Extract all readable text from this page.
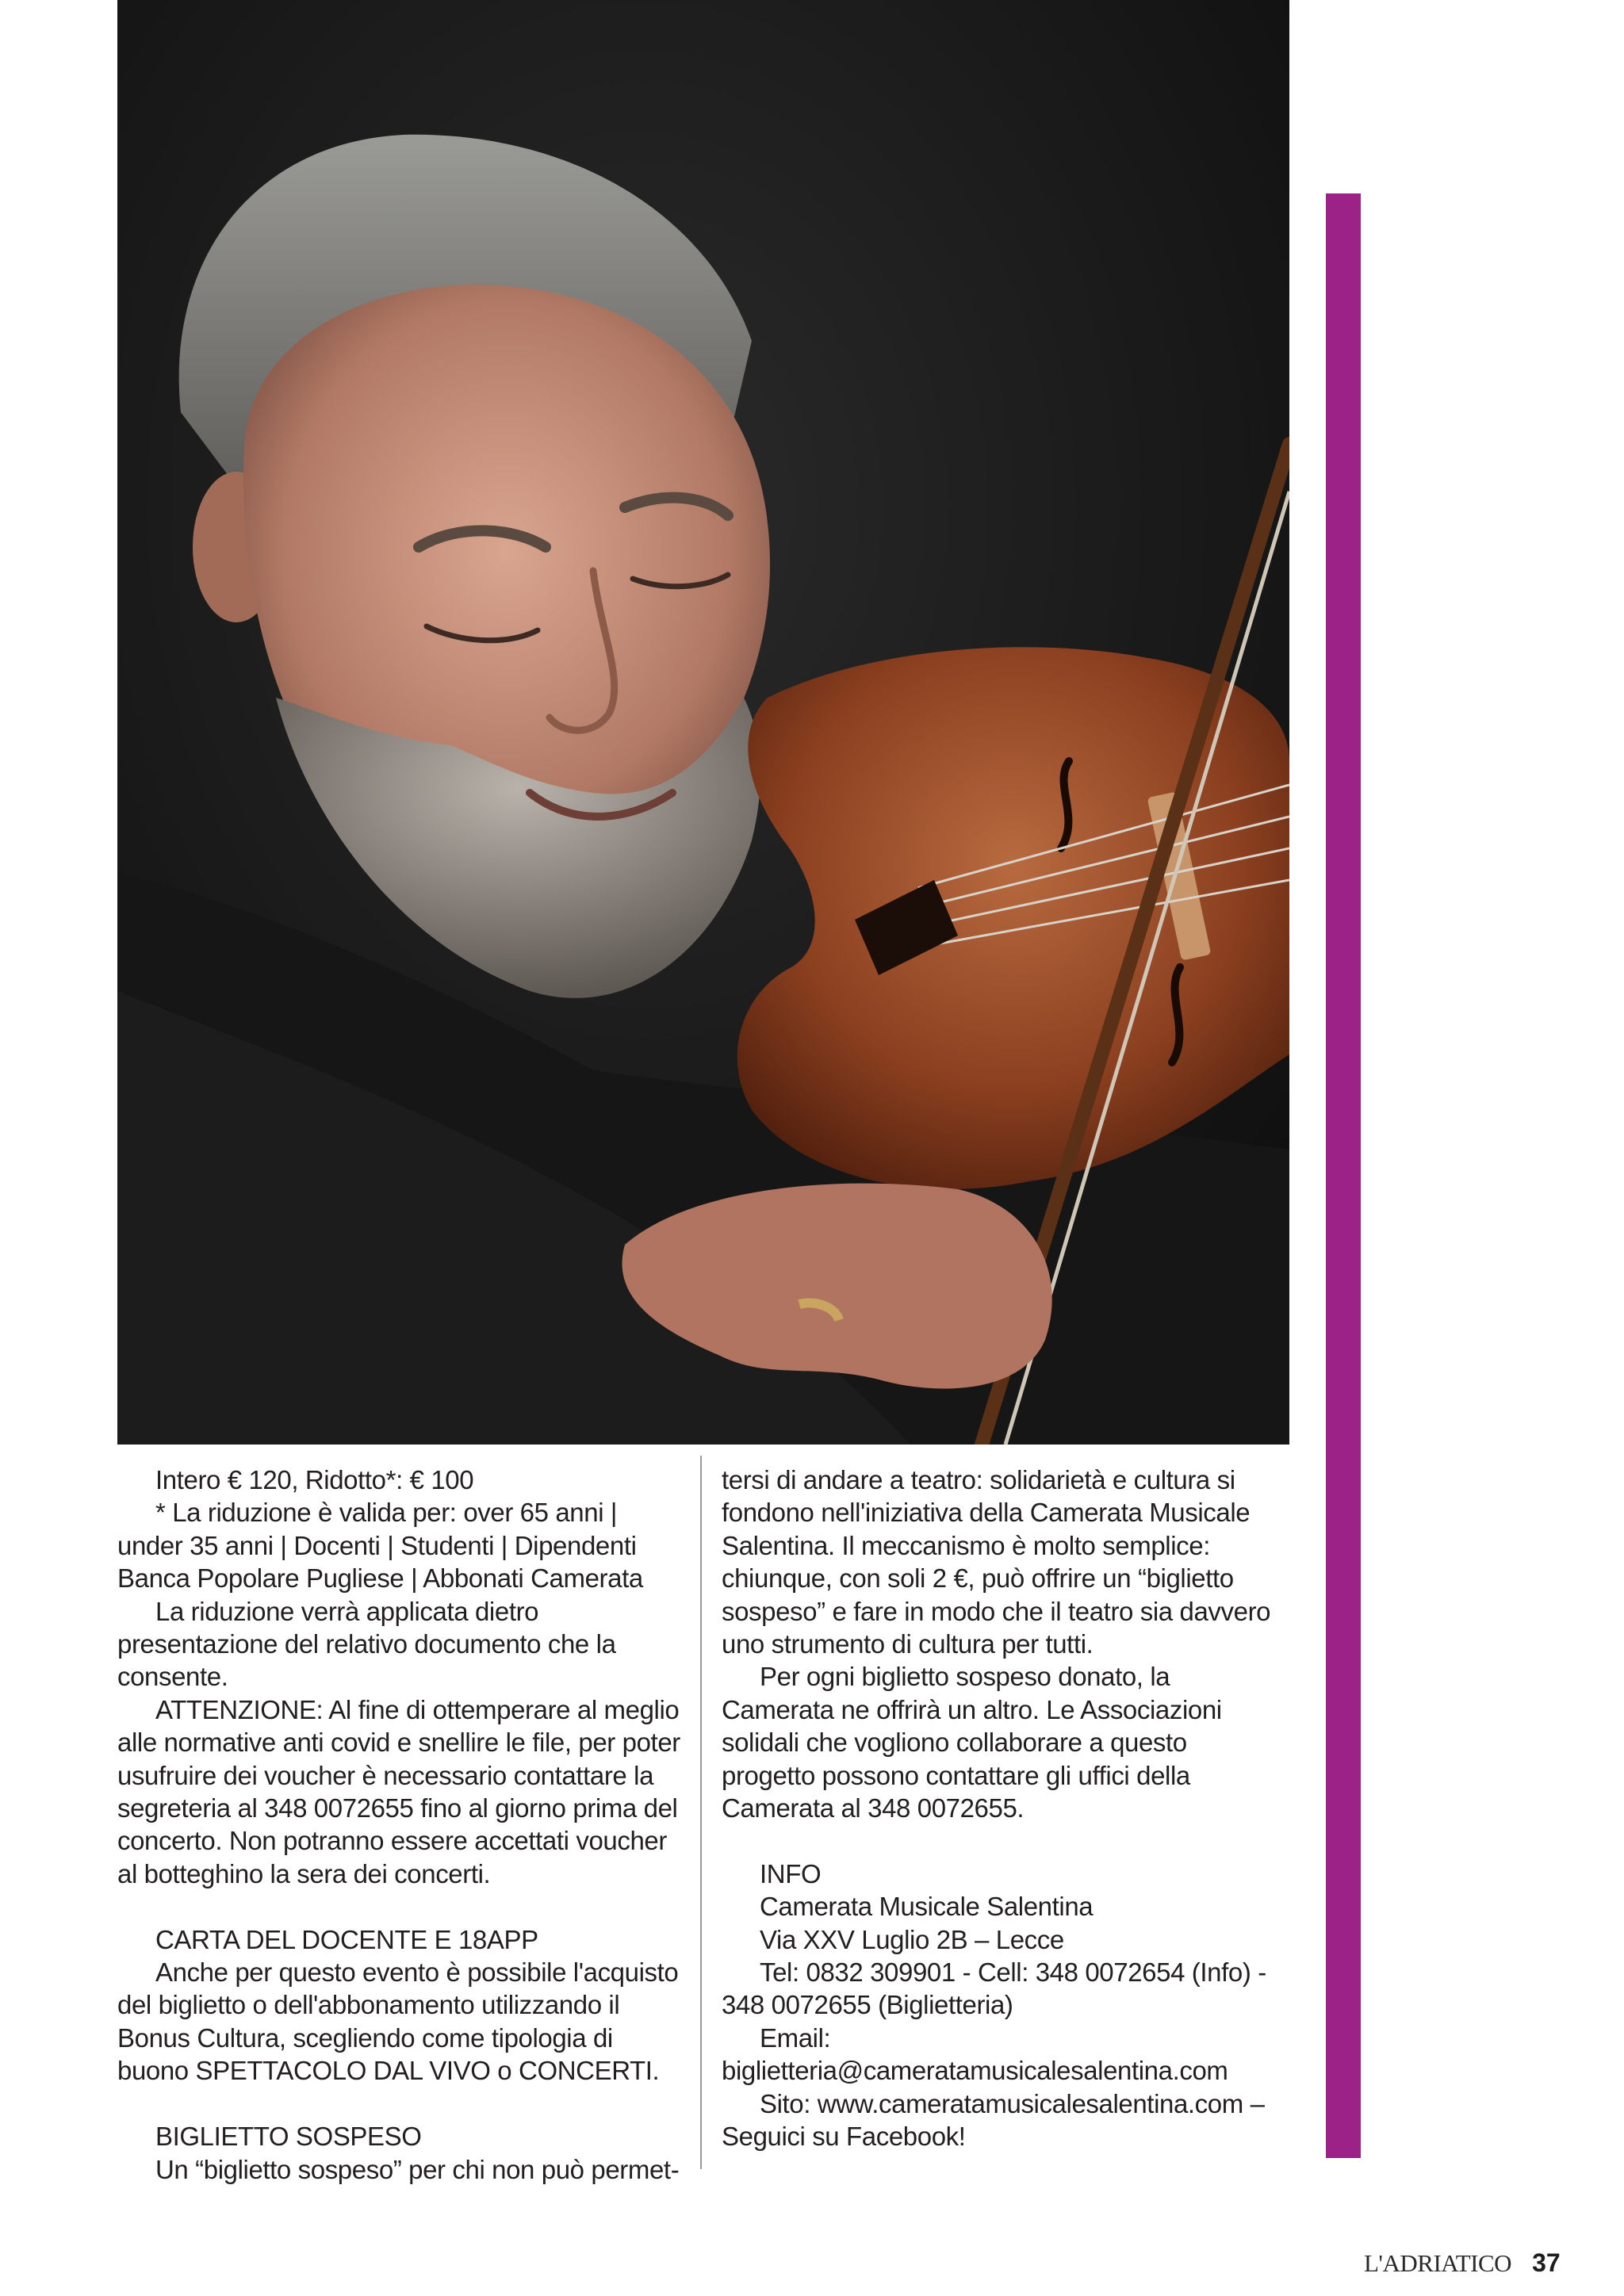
Intero € 120, Ridotto*: € 100

* La riduzione è valida per: over 65 anni | under 35 anni | Docenti | Studenti | Dipendenti Banca Popolare Pugliese | Abbonati Camerata

La riduzione verrà applicata dietro presentazione del relativo documento che la consente.

ATTENZIONE: Al fine di ottemperare al meglio alle normative anti covid e snellire le file, per poter usufruire dei voucher è necessario contattare la segreteria al 348 0072655 fino al giorno prima del concerto. Non potranno essere accettati voucher al botteghino la sera dei concerti.

CARTA DEL DOCENTE E 18APP

Anche per questo evento è possibile l'acquisto del biglietto o dell'abbonamento utilizzando il Bonus Cultura, scegliendo come tipologia di buono SPETTACOLO DAL VIVO o CONCERTI.

BIGLIETTO SOSPESO

Un “biglietto sospeso” per chi non può permet-

tersi di andare a teatro: solidarietà e cultura si fondono nell'iniziativa della Camerata Musicale Salentina. Il meccanismo è molto semplice: chiunque, con soli 2 €, può offrire un “biglietto sospeso” e fare in modo che il teatro sia davvero uno strumento di cultura per tutti.

Per ogni biglietto sospeso donato, la Camerata ne offrirà un altro. Le Associazioni solidali che vogliono collaborare a questo progetto possono contattare gli uffici della Camerata al 348 0072655.

INFO

Camerata Musicale Salentina

Via XXV Luglio 2B – Lecce

Tel: 0832 309901 - Cell: 348 0072654 (Info) - 348 0072655 (Biglietteria)

Email: biglietteria@cameratamusicalesalentina.com

Sito: www.cameratamusicalesalentina.com – Seguici su Facebook!

L'ADRIATICO 37
